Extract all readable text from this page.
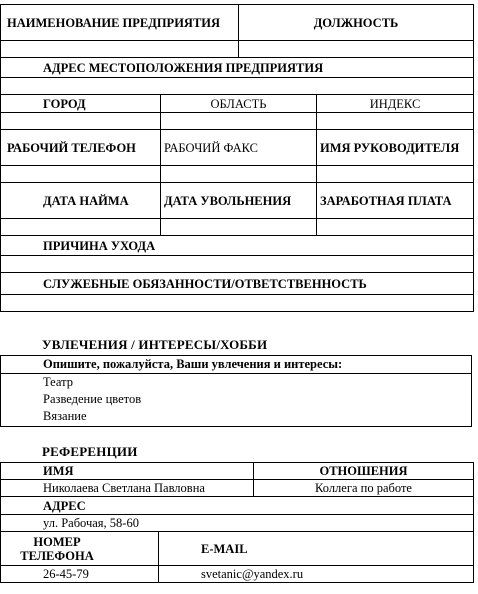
НАИМЕНОВАНИЕ ПРЕДПРИЯТИЯ		ДОЛЖНОСТЬ	

АДРЕС МЕСТОПОЛОЖЕНИЯ ПРЕДПРИЯТИЯ			

ГОРОД	ОБЛАСТЬ		ИНДЕКС

РАБОЧИЙ ТЕЛЕФОН	РАБОЧИЙ ФАКС		ИМЯ РУКОВОДИТЕЛЯ

ДАТА НАЙМА	ДАТА УВОЛЬНЕНИЯ		ЗАРАБОТНАЯ ПЛАТА

ПРИЧИНА УХОДА			

СЛУЖЕБНЫЕ ОБЯЗАННОСТИ/ОТВЕТСТВЕННОСТЬ			

УВЛЕЧЕНИЯ / ИНТЕРЕСЫ/ХОББИ
Опишите, пожалуйста, Ваши увлечения и интересы:
Театр
Разведение цветов
Вязание
РЕФЕРЕНЦИИ
ИМЯ		ОТНОШЕНИЯ
Николаева Светлана Павловна		Коллега по работе
АДРЕС		
ул. Рабочая, 58-60		

НОМЕР ТЕЛЕФОНА	E-MAIL	
26-45-79	svetanic@yandex.ru	
